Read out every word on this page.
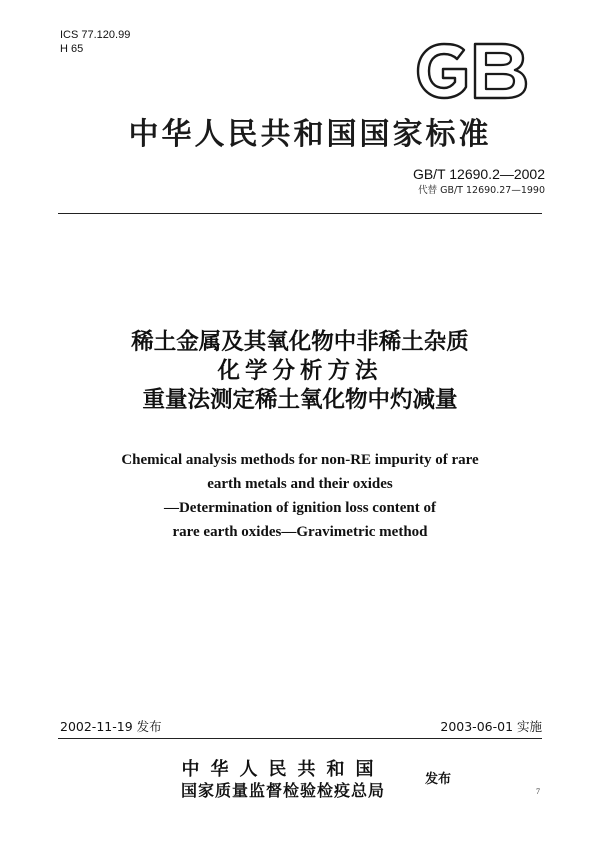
ICS 77.120.99
H 65
中华人民共和国国家标准
GB/T 12690.2—2002
代替 GB/T 12690.27—1990
稀土金属及其氧化物中非稀土杂质
化学分析方法
重量法测定稀土氧化物中灼减量
Chemical analysis methods for non-RE impurity of rare
earth metals and their oxides
—Determination of ignition loss content of
rare earth oxides—Gravimetric method
2002-11-19 发布	2003-06-01 实施
中华人民共和国
国家质量监督检验检疫总局
发布
7
